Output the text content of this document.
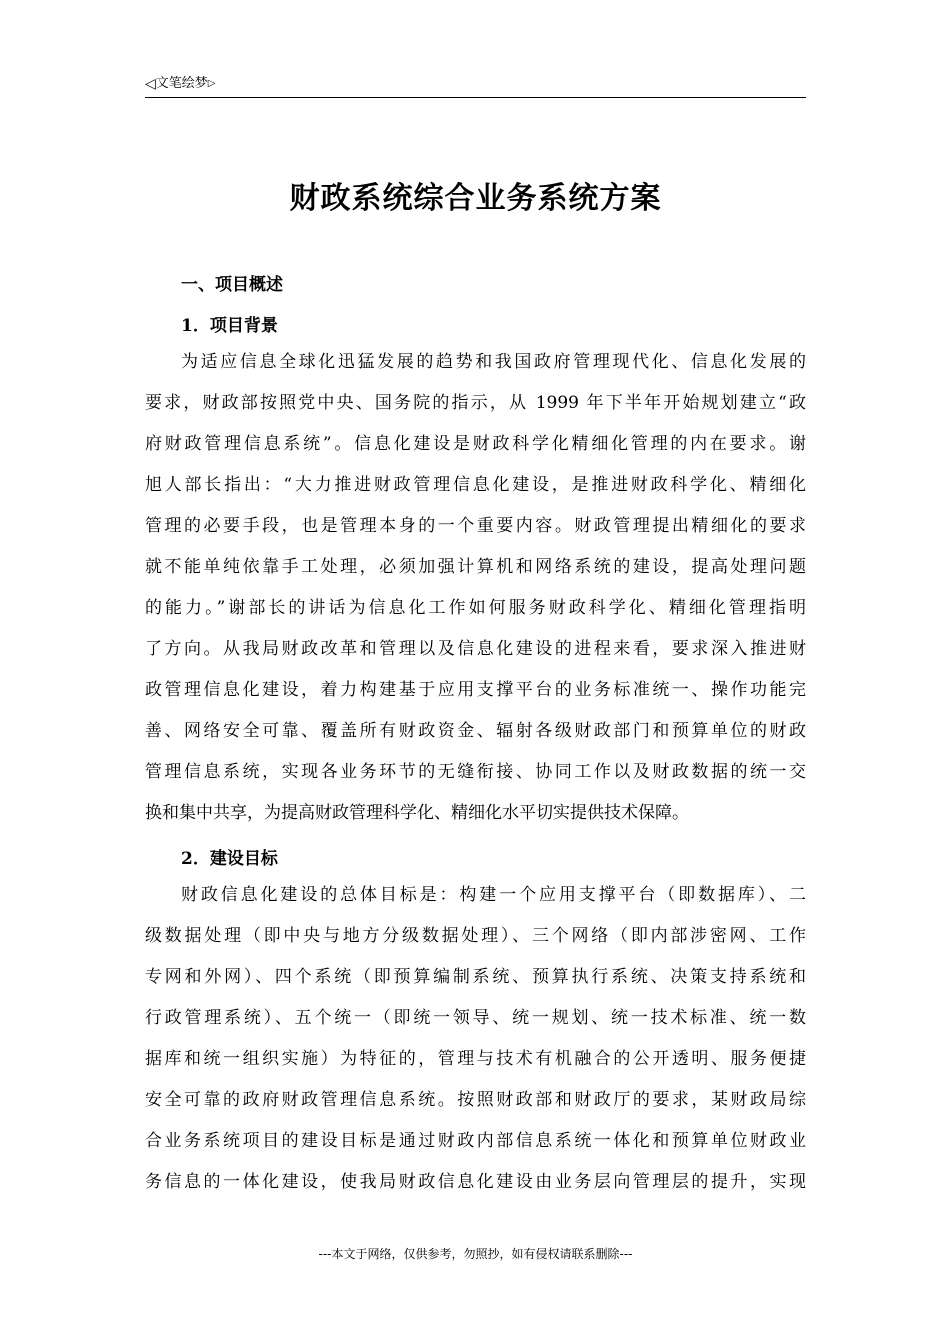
◁ 文笔绘梦 ▷
财政系统综合业务系统方案
一、项目概述
1．项目背景
为适应信息全球化迅猛发展的趋势和我国政府管理现代化、信息化发展的
要求，财政部按照党中央、国务院的指示，从 1999 年下半年开始规划建立“政
府财政管理信息系统”。信息化建设是财政科学化精细化管理的内在要求。谢
旭人部长指出：“大力推进财政管理信息化建设，是推进财政科学化、精细化
管理的必要手段，也是管理本身的一个重要内容。财政管理提出精细化的要求
就不能单纯依靠手工处理，必须加强计算机和网络系统的建设，提高处理问题
的能力。”谢部长的讲话为信息化工作如何服务财政科学化、精细化管理指明
了方向。从我局财政改革和管理以及信息化建设的进程来看，要求深入推进财
政管理信息化建设，着力构建基于应用支撑平台的业务标准统一、操作功能完
善、网络安全可靠、覆盖所有财政资金、辐射各级财政部门和预算单位的财政
管理信息系统，实现各业务环节的无缝衔接、协同工作以及财政数据的统一交
换和集中共享，为提高财政管理科学化、精细化水平切实提供技术保障。
2．建设目标
财政信息化建设的总体目标是：构建一个应用支撑平台（即数据库）、二
级数据处理（即中央与地方分级数据处理）、三个网络（即内部涉密网、工作
专网和外网）、四个系统（即预算编制系统、预算执行系统、决策支持系统和
行政管理系统）、五个统一（即统一领导、统一规划、统一技术标准、统一数
据库和统一组织实施）为特征的，管理与技术有机融合的公开透明、服务便捷
安全可靠的政府财政管理信息系统。按照财政部和财政厅的要求，某财政局综
合业务系统项目的建设目标是通过财政内部信息系统一体化和预算单位财政业
务信息的一体化建设，使我局财政信息化建设由业务层向管理层的提升，实现
---本文于网络，仅供参考，勿照抄，如有侵权请联系删除---
